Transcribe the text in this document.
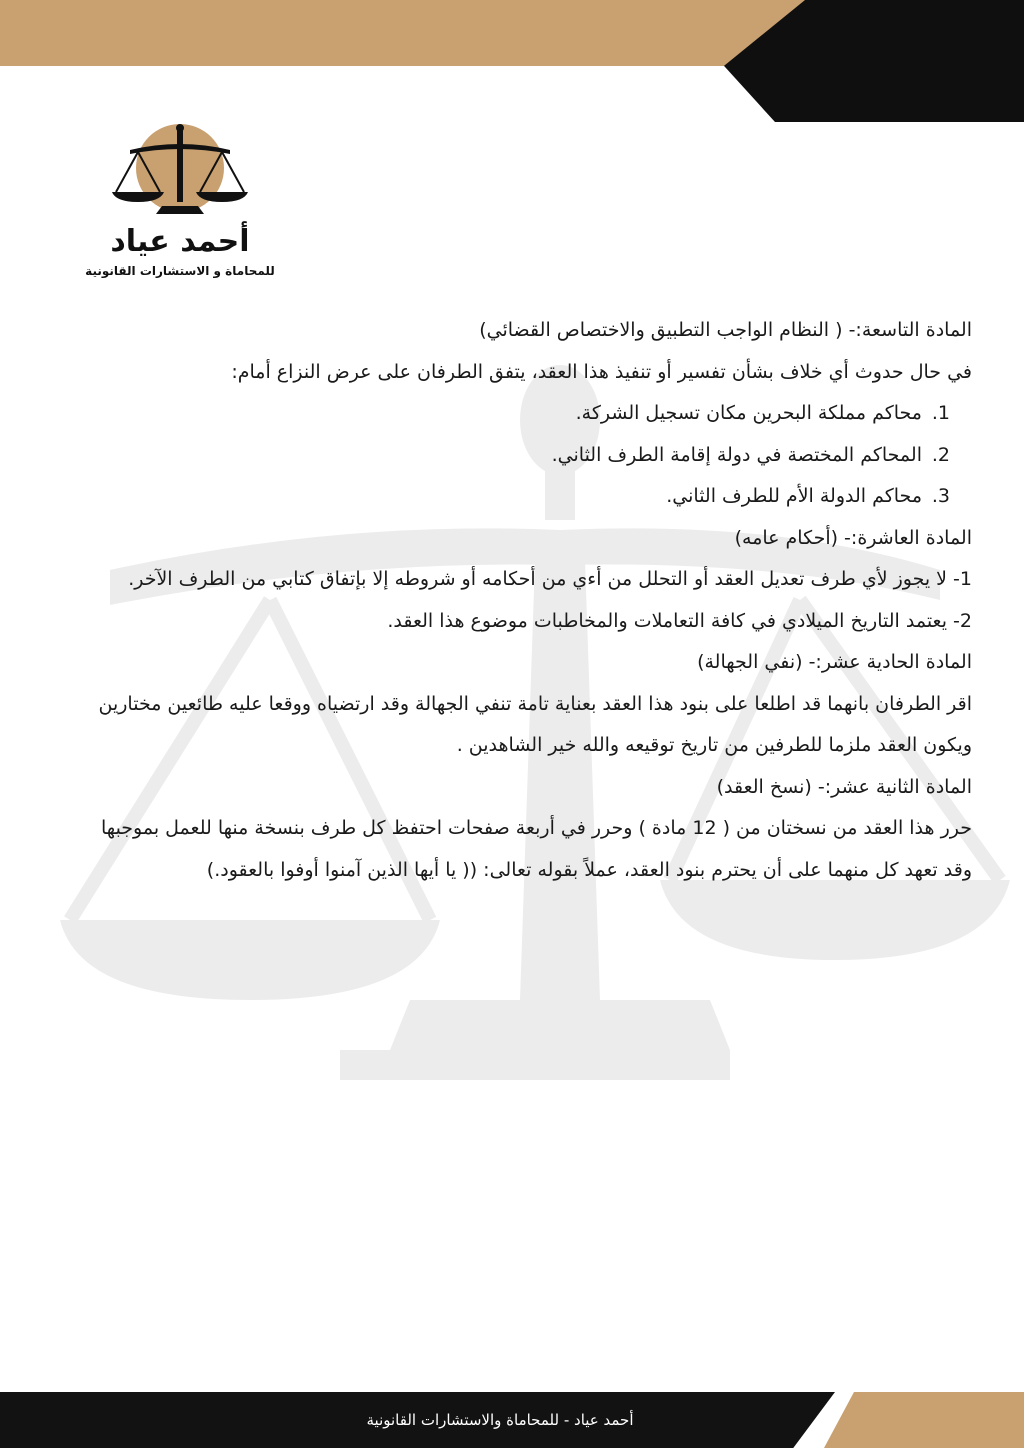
أحمد عياد
للمحاماة و الاستشارات القانونية

المادة التاسعة:- ( النظام الواجب التطبيق والاختصاص القضائي)

في حال حدوث أي خلاف بشأن تفسير أو تنفيذ هذا العقد، يتفق الطرفان على عرض النزاع أمام:

1.محاكم مملكة البحرين مكان تسجيل الشركة.

2.المحاكم المختصة في دولة إقامة الطرف الثاني.

3.محاكم الدولة الأم للطرف الثاني.

المادة العاشرة:- (أحكام عامه)

1- لا يجوز لأي طرف تعديل العقد أو التحلل من أءي من أحكامه أو شروطه إلا بإتفاق كتابي من الطرف الآخر.

2- يعتمد التاريخ الميلادي في كافة التعاملات والمخاطبات موضوع هذا العقد.

المادة الحادية عشر:- (نفي الجهالة)

اقر الطرفان بانهما قد اطلعا على بنود هذا العقد بعناية تامة تنفي الجهالة وقد ارتضياه ووقعا عليه طائعين مختارين ويكون العقد ملزما للطرفين من تاريخ توقيعه والله خير الشاهدين .

المادة الثانية عشر:- (نسخ العقد)

حرر هذا العقد من نسختان من ( 12 مادة ) وحرر في أربعة صفحات احتفظ كل طرف بنسخة منها للعمل بموجبها وقد تعهد كل منهما على أن يحترم بنود العقد، عملاً بقوله تعالى: (( يا أيها الذين آمنوا أوفوا بالعقود.)

أحمد عياد - للمحاماة والاستشارات القانونية
